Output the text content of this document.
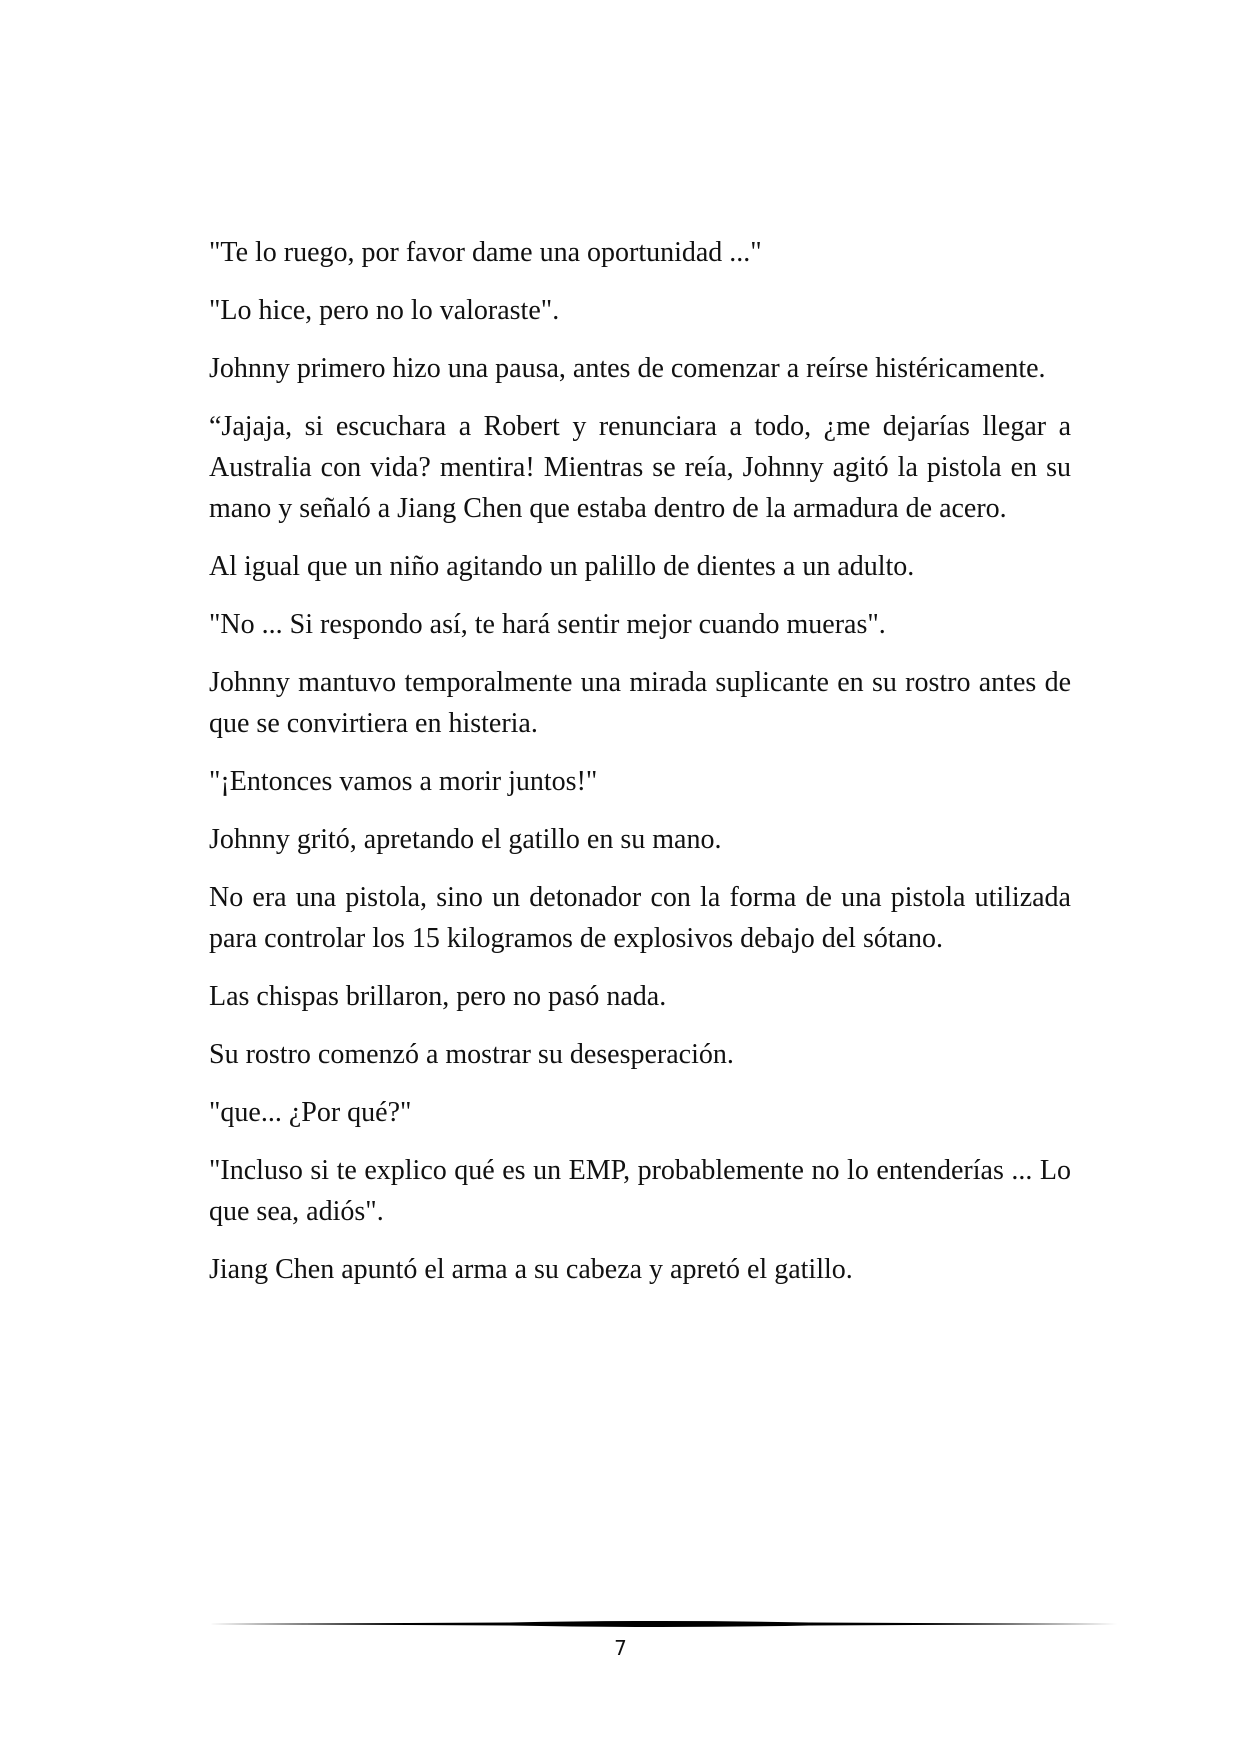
"Te lo ruego, por favor dame una oportunidad ..."

"Lo hice, pero no lo valoraste".

Johnny primero hizo una pausa, antes de comenzar a reírse histéricamente.

“Jajaja, si escuchara a Robert y renunciara a todo, ¿me dejarías llegar a Australia con vida? mentira! Mientras se reía, Johnny agitó la pistola en su mano y señaló a Jiang Chen que estaba dentro de la armadura de acero.

Al igual que un niño agitando un palillo de dientes a un adulto.

"No ... Si respondo así, te hará sentir mejor cuando mueras".

Johnny mantuvo temporalmente una mirada suplicante en su rostro antes de que se convirtiera en histeria.

"¡Entonces vamos a morir juntos!"

Johnny gritó, apretando el gatillo en su mano.

No era una pistola, sino un detonador con la forma de una pistola utilizada para controlar los 15 kilogramos de explosivos debajo del sótano.

Las chispas brillaron, pero no pasó nada.

Su rostro comenzó a mostrar su desesperación.

"que... ¿Por qué?"

"Incluso si te explico qué es un EMP, probablemente no lo entenderías ... Lo que sea, adiós".

Jiang Chen apuntó el arma a su cabeza y apretó el gatillo.

7
